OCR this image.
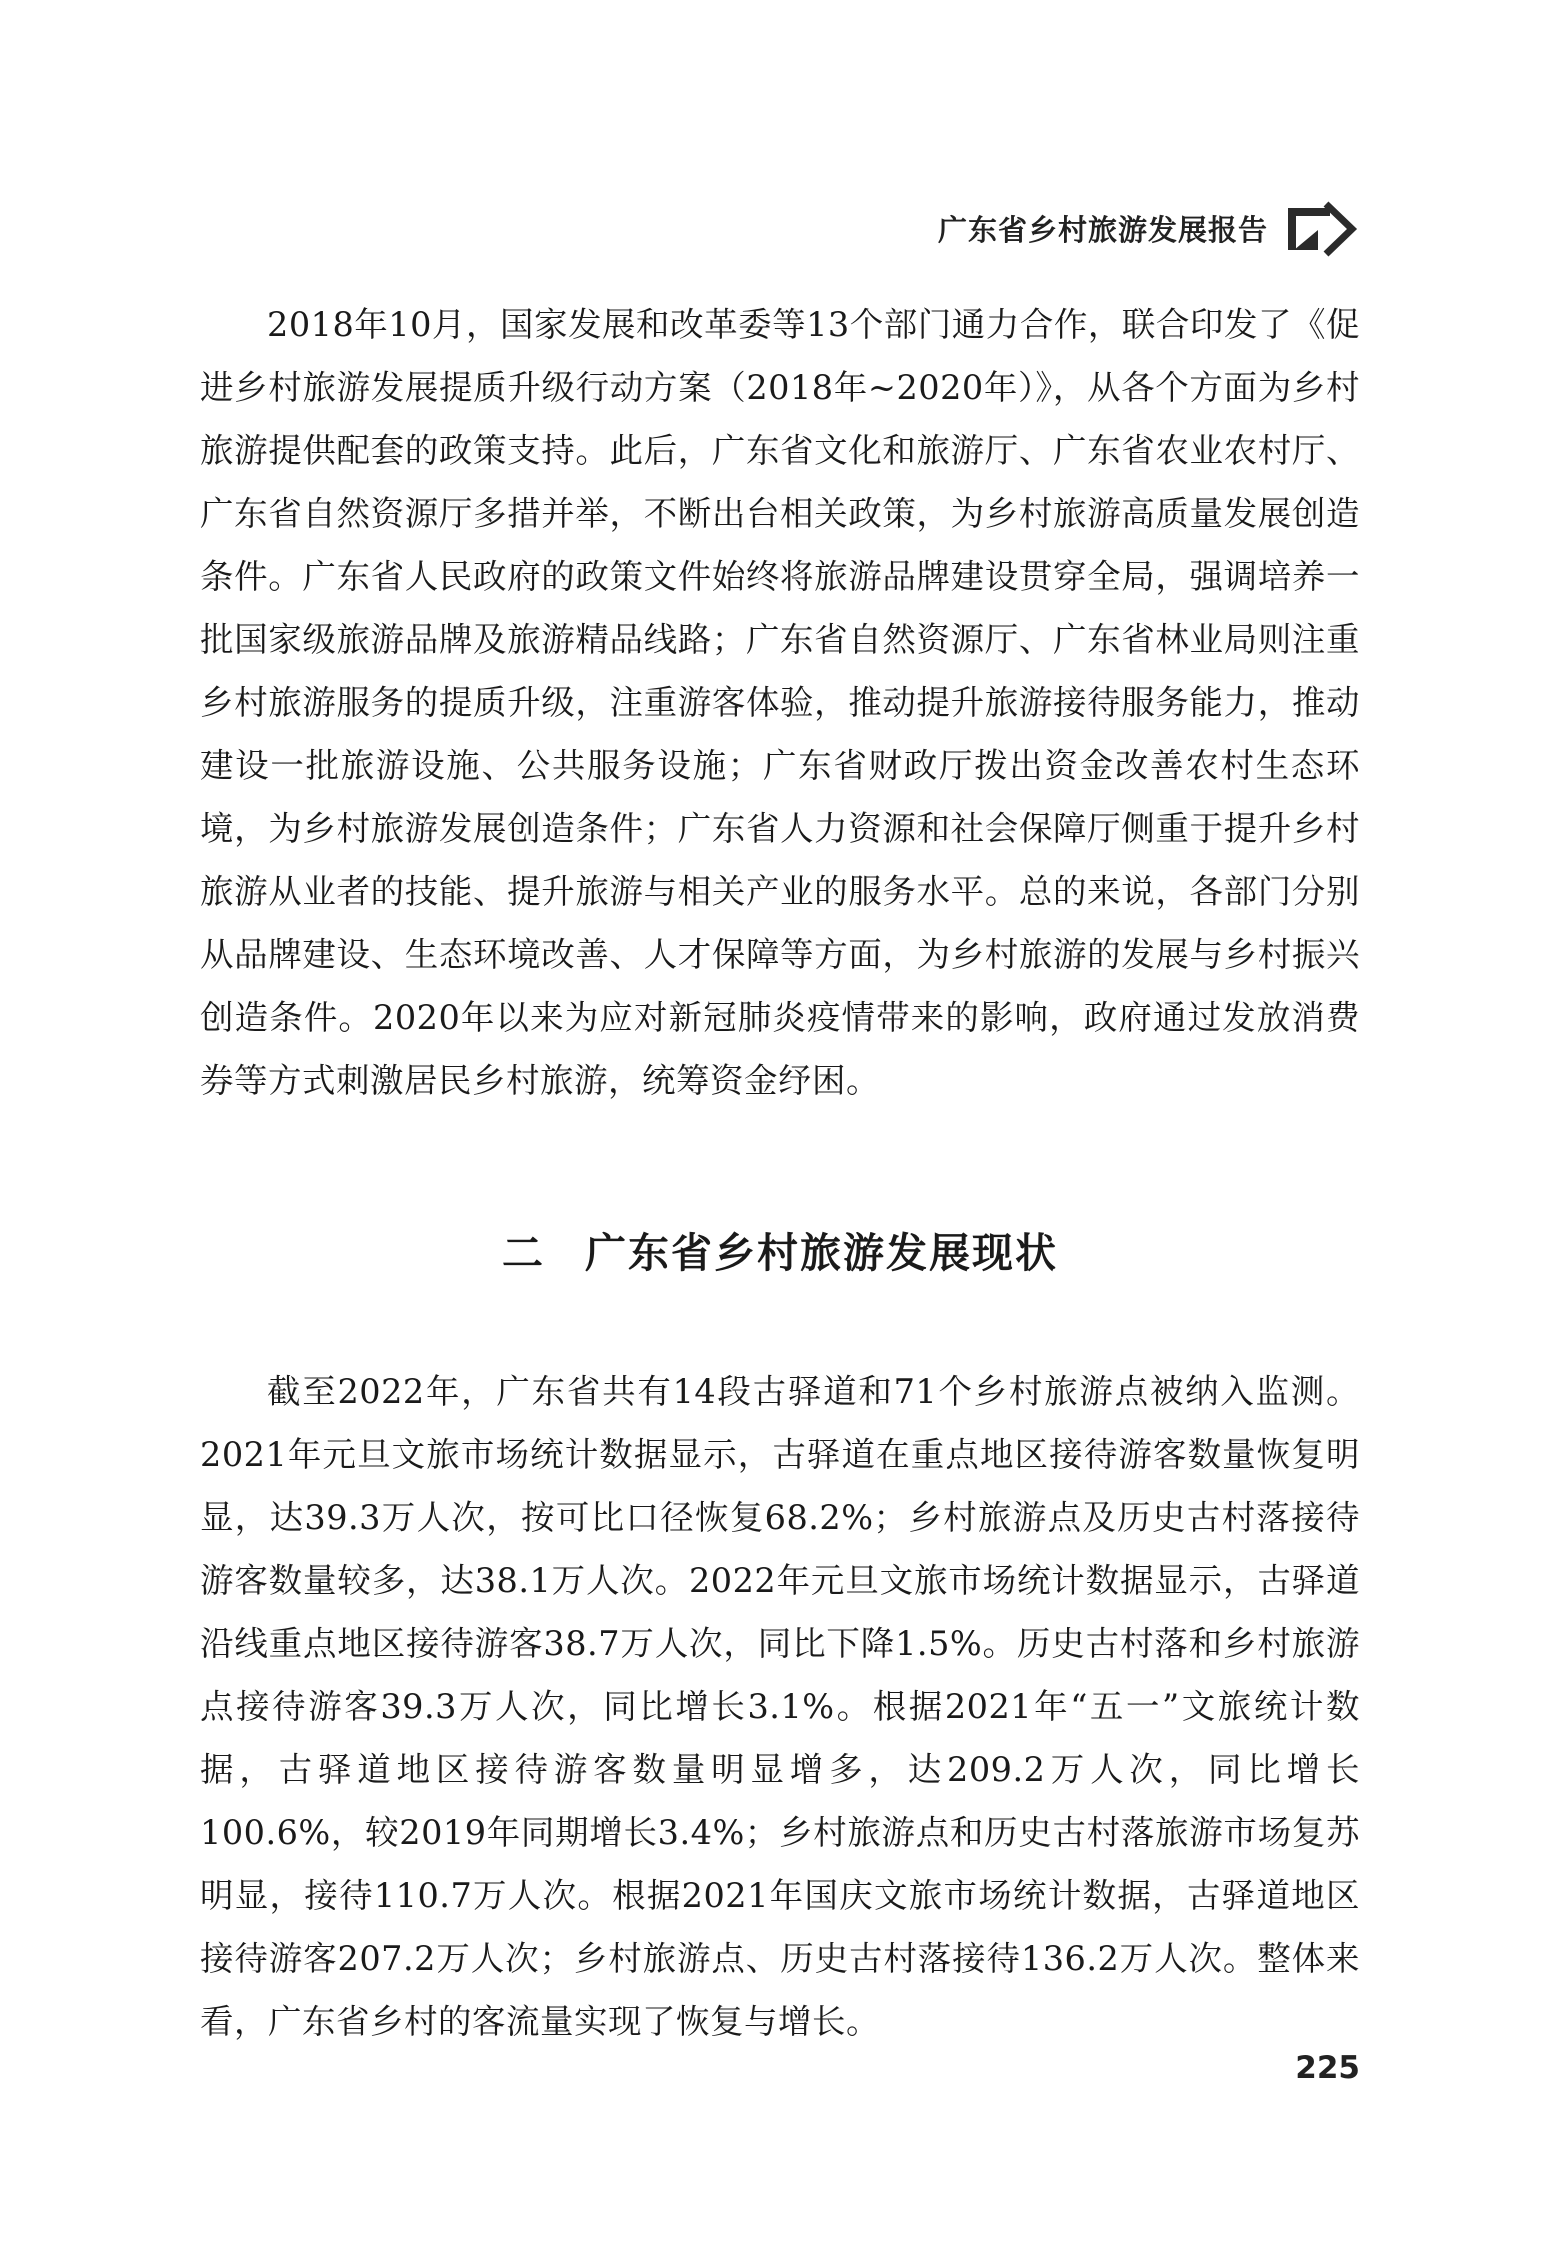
广东省乡村旅游发展报告

2018年10月，国家发展和改革委等13个部门通力合作，联合印发了《促进乡村旅游发展提质升级行动方案（2018年~2020年）》，从各个方面为乡村旅游提供配套的政策支持。此后，广东省文化和旅游厅、广东省农业农村厅、广东省自然资源厅多措并举，不断出台相关政策，为乡村旅游高质量发展创造条件。广东省人民政府的政策文件始终将旅游品牌建设贯穿全局，强调培养一批国家级旅游品牌及旅游精品线路；广东省自然资源厅、广东省林业局则注重乡村旅游服务的提质升级，注重游客体验，推动提升旅游接待服务能力，推动建设一批旅游设施、公共服务设施；广东省财政厅拨出资金改善农村生态环境，为乡村旅游发展创造条件；广东省人力资源和社会保障厅侧重于提升乡村旅游从业者的技能、提升旅游与相关产业的服务水平。总的来说，各部门分别从品牌建设、生态环境改善、人才保障等方面，为乡村旅游的发展与乡村振兴创造条件。2020年以来为应对新冠肺炎疫情带来的影响，政府通过发放消费券等方式刺激居民乡村旅游，统筹资金纾困。

二 广东省乡村旅游发展现状

截至2022年，广东省共有14段古驿道和71个乡村旅游点被纳入监测。2021年元旦文旅市场统计数据显示，古驿道在重点地区接待游客数量恢复明显，达39.3万人次，按可比口径恢复68.2%；乡村旅游点及历史古村落接待游客数量较多，达38.1万人次。2022年元旦文旅市场统计数据显示，古驿道沿线重点地区接待游客38.7万人次，同比下降1.5%。历史古村落和乡村旅游点接待游客39.3万人次，同比增长3.1%。根据2021年“五一”文旅统计数据，古驿道地区接待游客数量明显增多，达209.2万人次，同比增长100.6%，较2019年同期增长3.4%；乡村旅游点和历史古村落旅游市场复苏明显，接待110.7万人次。根据2021年国庆文旅市场统计数据，古驿道地区接待游客207.2万人次；乡村旅游点、历史古村落接待136.2万人次。整体来看，广东省乡村的客流量实现了恢复与增长。

225
